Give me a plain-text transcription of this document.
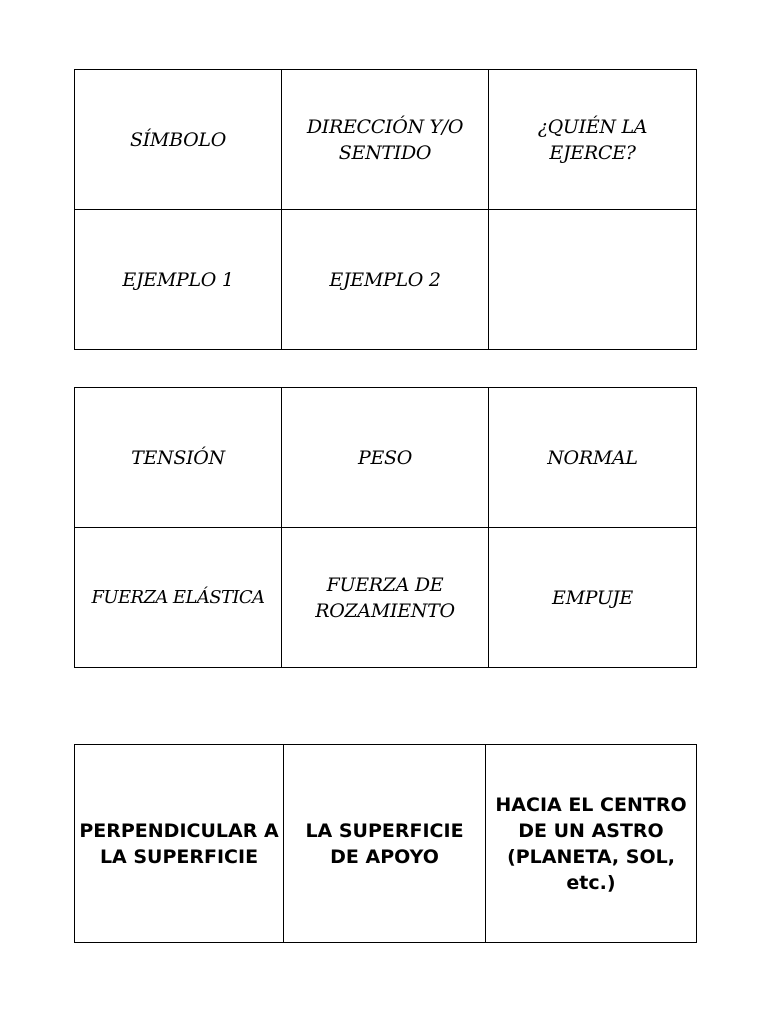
SÍMBOLO	DIRECCIÓN Y/O SENTIDO	¿QUIÉN LA EJERCE?
EJEMPLO 1	EJEMPLO 2	
TENSIÓN	PESO	NORMAL
FUERZA ELÁSTICA	FUERZA DE ROZAMIENTO	EMPUJE
PERPENDICULAR A LA SUPERFICIE	LA SUPERFICIE DE APOYO	HACIA EL CENTRO DE UN ASTRO (PLANETA, SOL, etc.)
